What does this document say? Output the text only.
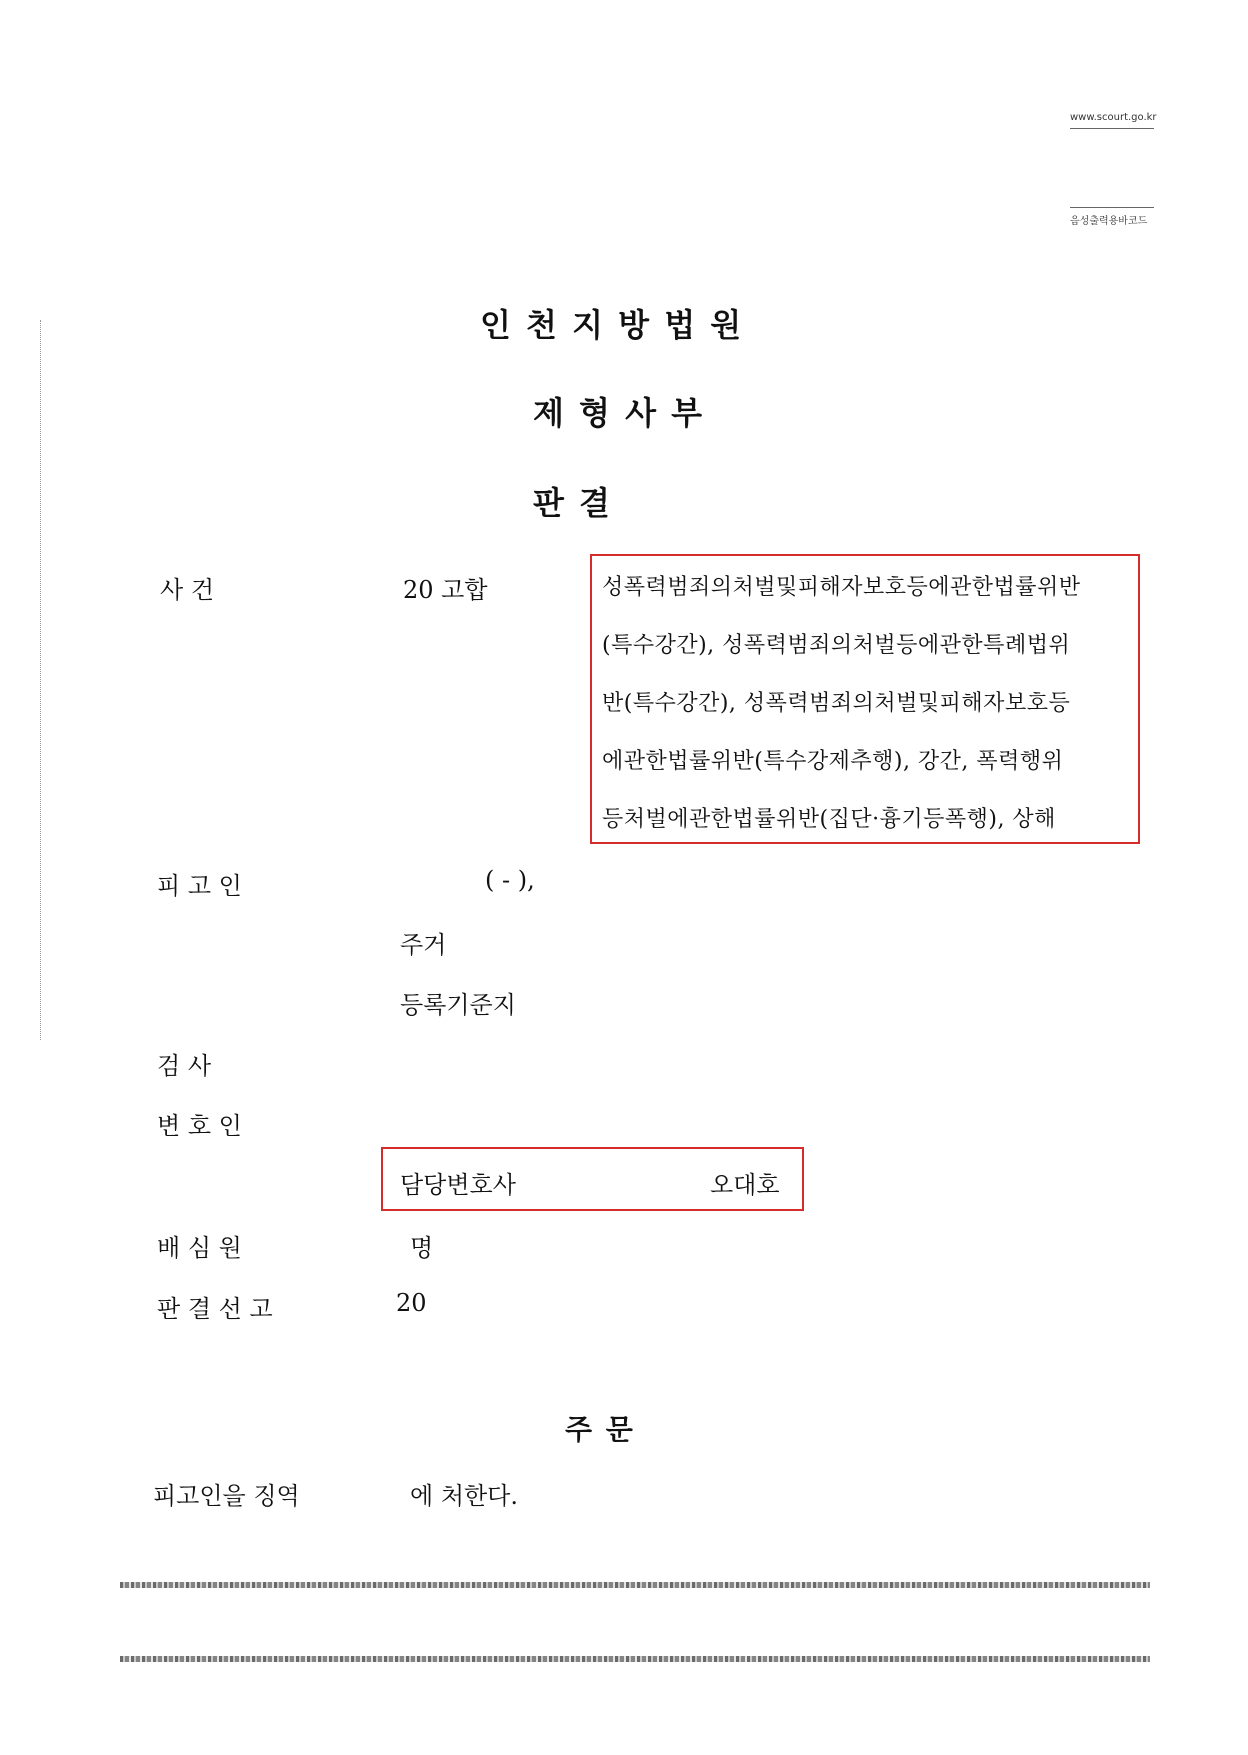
www.scourt.go.kr
음성출력용바코드
인 천 지 방 법 원
제 형 사 부
판 결
사 건	20 고합	성폭력범죄의처벌및피해자보호등에관한법률위반
(특수강간), 성폭력범죄의처벌등에관한특례법위
반(특수강간), 성폭력범죄의처벌및피해자보호등
에관한법률위반(특수강제추행), 강간, 폭력행위
등처벌에관한법률위반(집단·흉기등폭행), 상해
피 고 인	( - ),
주거
등록기준지
검 사
변 호 인
담당변호사	오대호
배 심 원	명
판 결 선 고	20
주 문
피고인을 징역	에 처한다.
